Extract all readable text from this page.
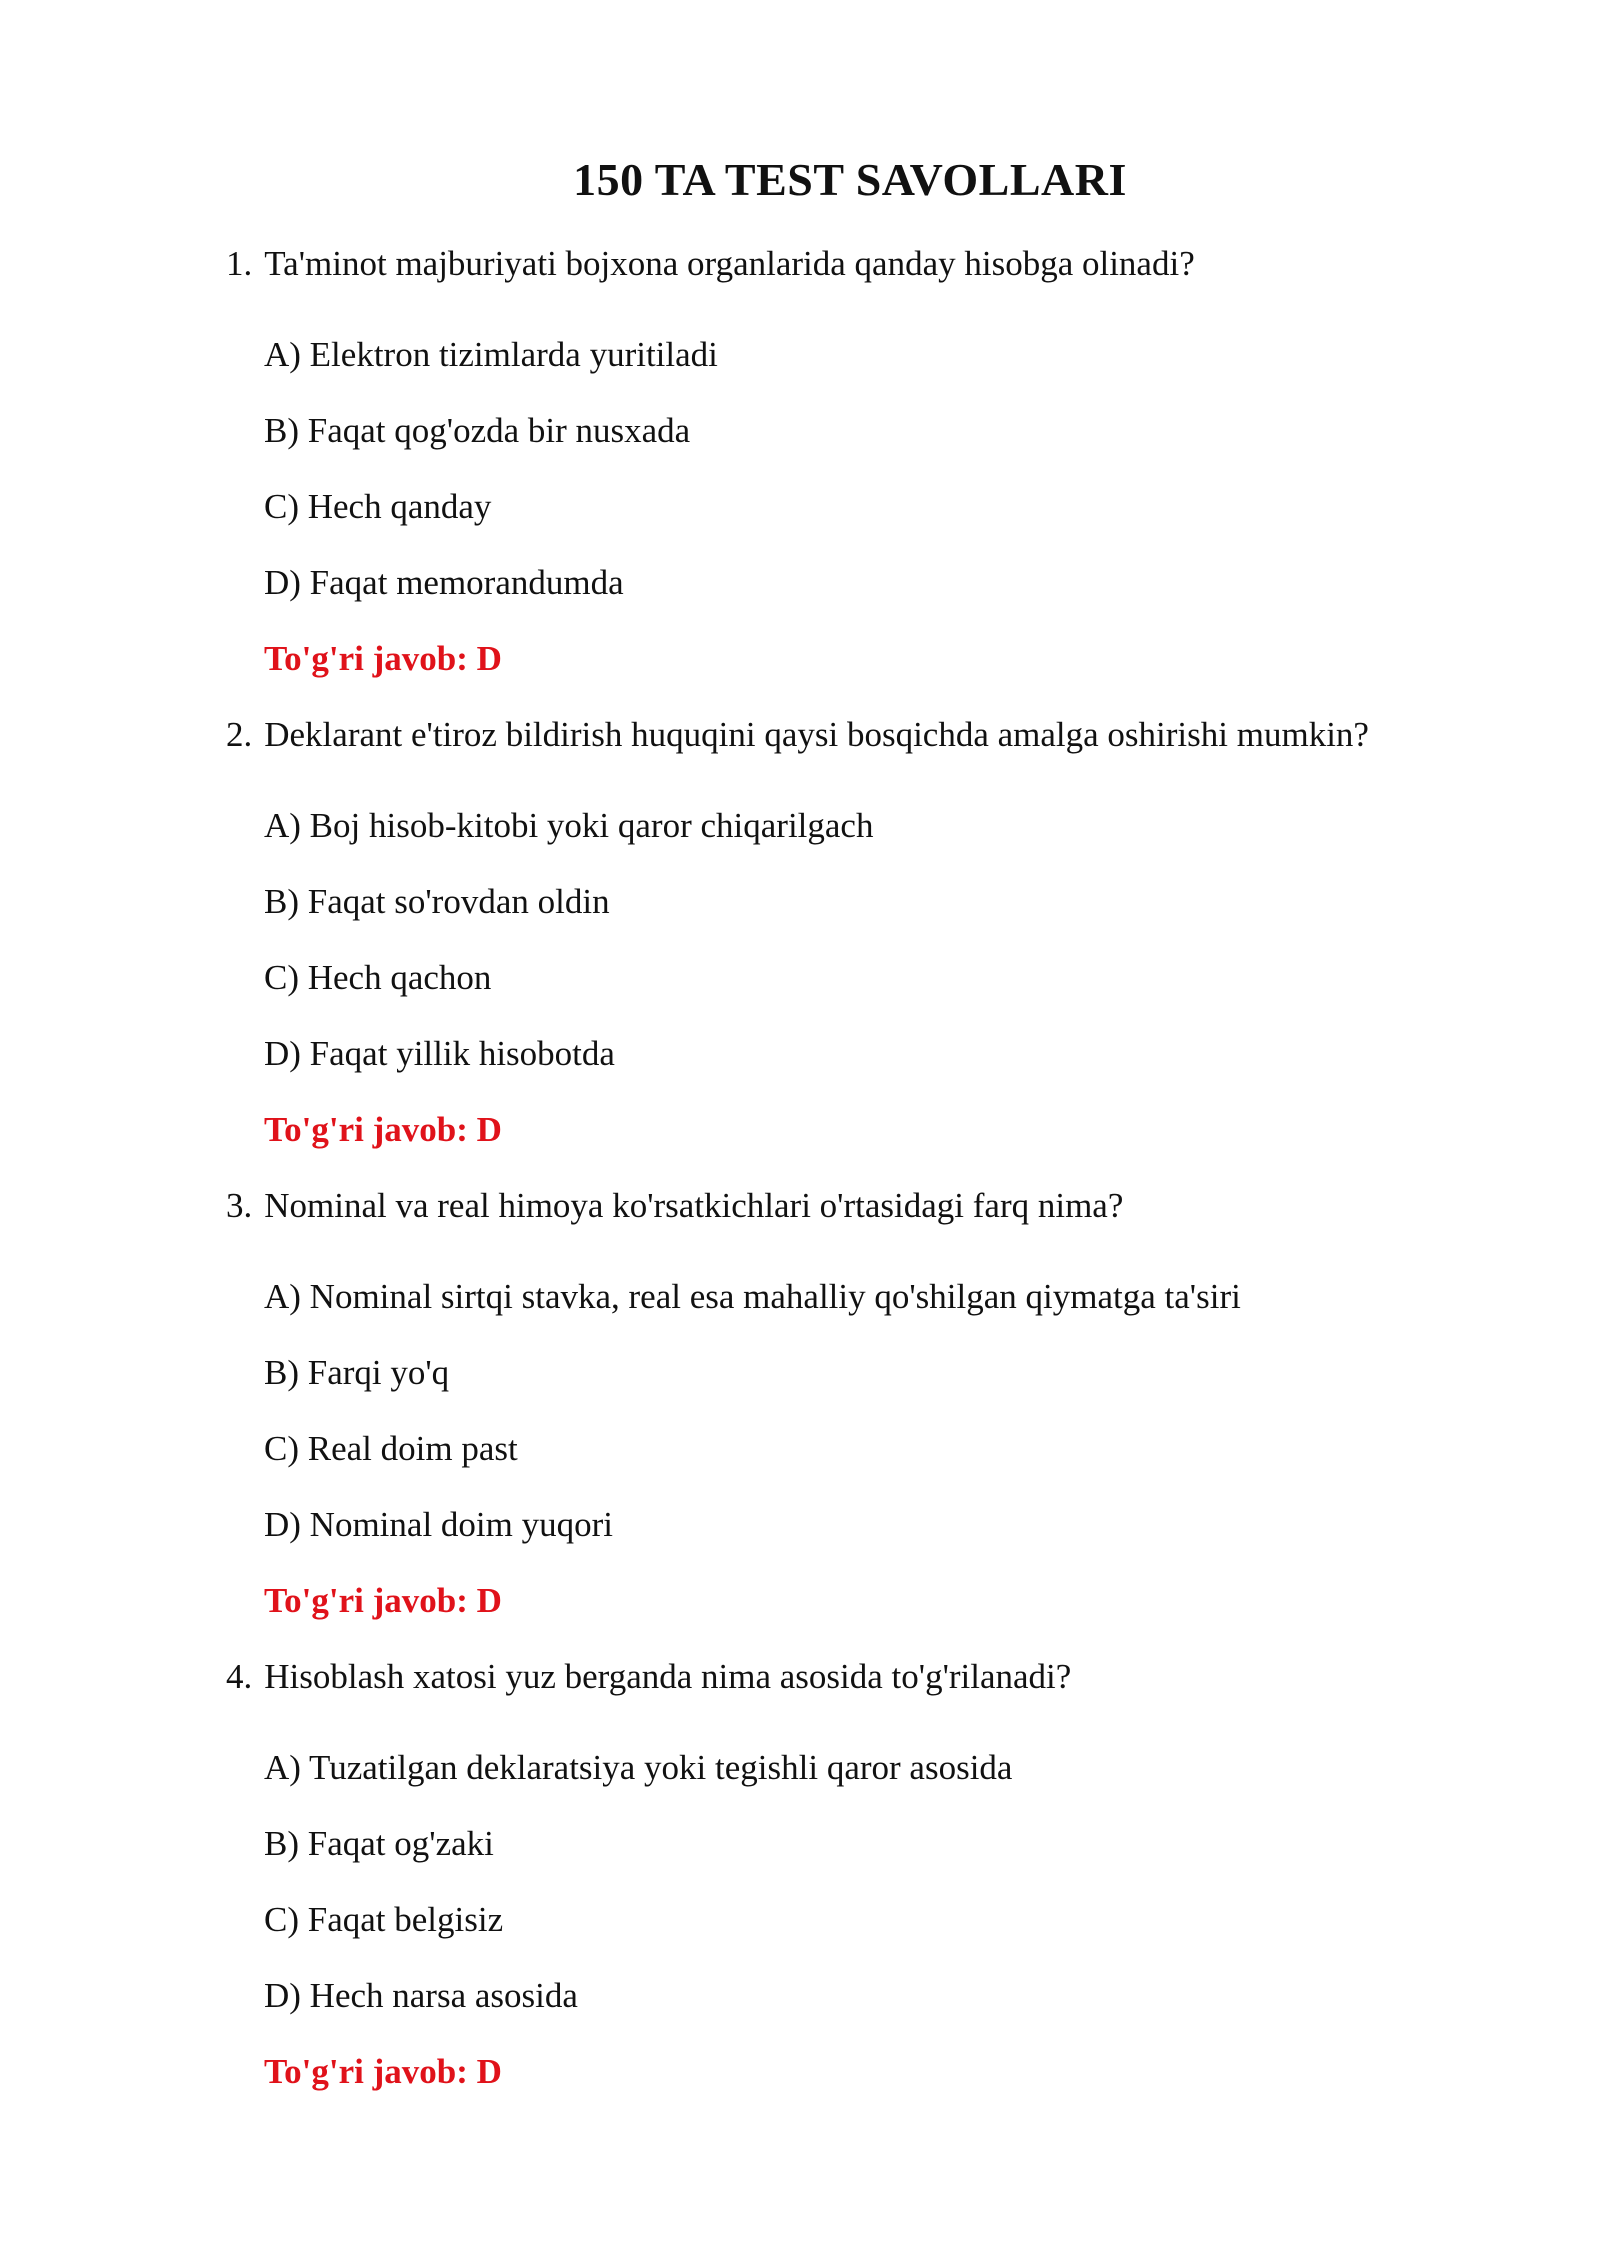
150 TA TEST SAVOLLARI
1. Ta'minot majburiyati bojxona organlarida qanday hisobga olinadi?
A) Elektron tizimlarda yuritiladi
B) Faqat qog'ozda bir nusxada
C) Hech qanday
D) Faqat memorandumda
To'g'ri javob: D
2. Deklarant e'tiroz bildirish huquqini qaysi bosqichda amalga oshirishi mumkin?
A) Boj hisob-kitobi yoki qaror chiqarilgach
B) Faqat so'rovdan oldin
C) Hech qachon
D) Faqat yillik hisobotda
To'g'ri javob: D
3. Nominal va real himoya ko'rsatkichlari o'rtasidagi farq nima?
A) Nominal sirtqi stavka, real esa mahalliy qo'shilgan qiymatga ta'siri
B) Farqi yo'q
C) Real doim past
D) Nominal doim yuqori
To'g'ri javob: D
4. Hisoblash xatosi yuz berganda nima asosida to'g'rilanadi?
A) Tuzatilgan deklaratsiya yoki tegishli qaror asosida
B) Faqat og'zaki
C) Faqat belgisiz
D) Hech narsa asosida
To'g'ri javob: D
